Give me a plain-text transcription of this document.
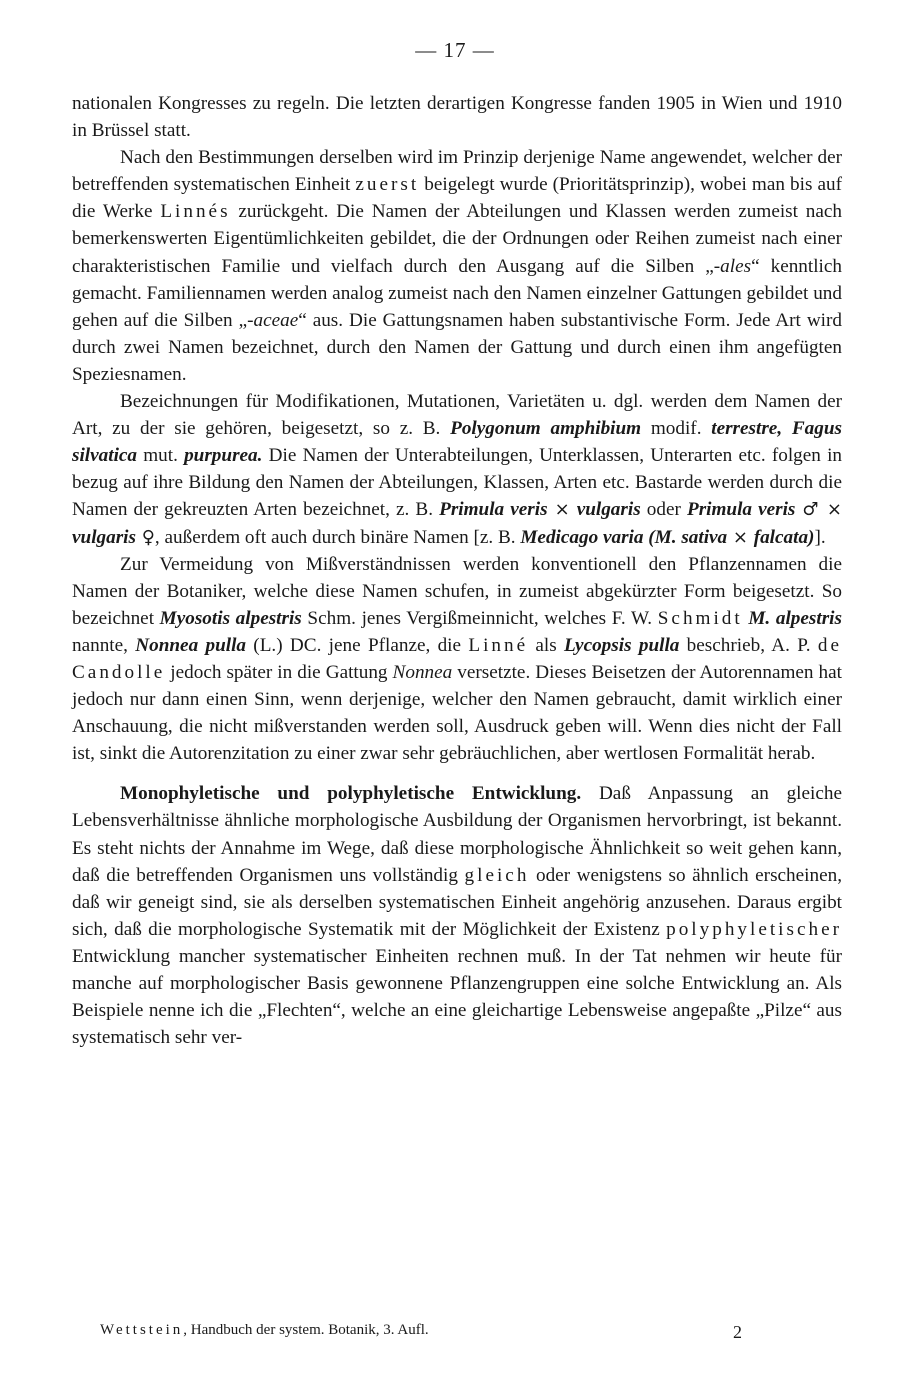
— 17 —

nationalen Kongresses zu regeln. Die letzten derartigen Kongresse fanden 1905 in Wien und 1910 in Brüssel statt.

Nach den Bestimmungen derselben wird im Prinzip derjenige Name angewendet, welcher der betreffenden systematischen Einheit zuerst beigelegt wurde (Prioritätsprinzip), wobei man bis auf die Werke Linnés zurückgeht. Die Namen der Abteilungen und Klassen werden zumeist nach bemerkenswerten Eigentümlichkeiten gebildet, die der Ordnungen oder Reihen zumeist nach einer charakteristischen Familie und vielfach durch den Ausgang auf die Silben „-ales“ kenntlich gemacht. Familiennamen werden analog zumeist nach den Namen einzelner Gattungen gebildet und gehen auf die Silben „-aceae“ aus. Die Gattungsnamen haben substantivische Form. Jede Art wird durch zwei Namen bezeichnet, durch den Namen der Gattung und durch einen ihm angefügten Speziesnamen.

Bezeichnungen für Modifikationen, Mutationen, Varietäten u. dgl. werden dem Namen der Art, zu der sie gehören, beigesetzt, so z. B. Polygonum amphibium modif. terrestre, Fagus silvatica mut. purpurea. Die Namen der Unterabteilungen, Unterklassen, Unterarten etc. folgen in bezug auf ihre Bildung den Namen der Abteilungen, Klassen, Arten etc. Bastarde werden durch die Namen der gekreuzten Arten bezeichnet, z. B. Primula veris × vulgaris oder Primula veris ♂ × vulgaris ♀, außerdem oft auch durch binäre Namen [z. B. Medicago varia (M. sativa × falcata)].

Zur Vermeidung von Mißverständnissen werden konventionell den Pflanzennamen die Namen der Botaniker, welche diese Namen schufen, in zumeist abgekürzter Form beigesetzt. So bezeichnet Myosotis alpestris Schm. jenes Vergißmeinnicht, welches F. W. Schmidt M. alpestris nannte, Nonnea pulla (L.) DC. jene Pflanze, die Linné als Lycopsis pulla beschrieb, A. P. de Candolle jedoch später in die Gattung Nonnea versetzte. Dieses Beisetzen der Autorennamen hat jedoch nur dann einen Sinn, wenn derjenige, welcher den Namen gebraucht, damit wirklich einer Anschauung, die nicht mißverstanden werden soll, Ausdruck geben will. Wenn dies nicht der Fall ist, sinkt die Autorenzitation zu einer zwar sehr gebräuchlichen, aber wertlosen Formalität herab.

Monophyletische und polyphyletische Entwicklung. Daß Anpassung an gleiche Lebensverhältnisse ähnliche morphologische Ausbildung der Organismen hervorbringt, ist bekannt. Es steht nichts der Annahme im Wege, daß diese morphologische Ähnlichkeit so weit gehen kann, daß die betreffenden Organismen uns vollständig gleich oder wenigstens so ähnlich erscheinen, daß wir geneigt sind, sie als derselben systematischen Einheit angehörig anzusehen. Daraus ergibt sich, daß die morphologische Systematik mit der Möglichkeit der Existenz polyphyletischer Entwicklung mancher systematischer Einheiten rechnen muß. In der Tat nehmen wir heute für manche auf morphologischer Basis gewonnene Pflanzengruppen eine solche Entwicklung an. Als Beispiele nenne ich die „Flechten“, welche an eine gleichartige Lebensweise angepaßte „Pilze“ aus systematisch sehr ver-

Wettstein, Handbuch der system. Botanik, 3. Aufl.	2
